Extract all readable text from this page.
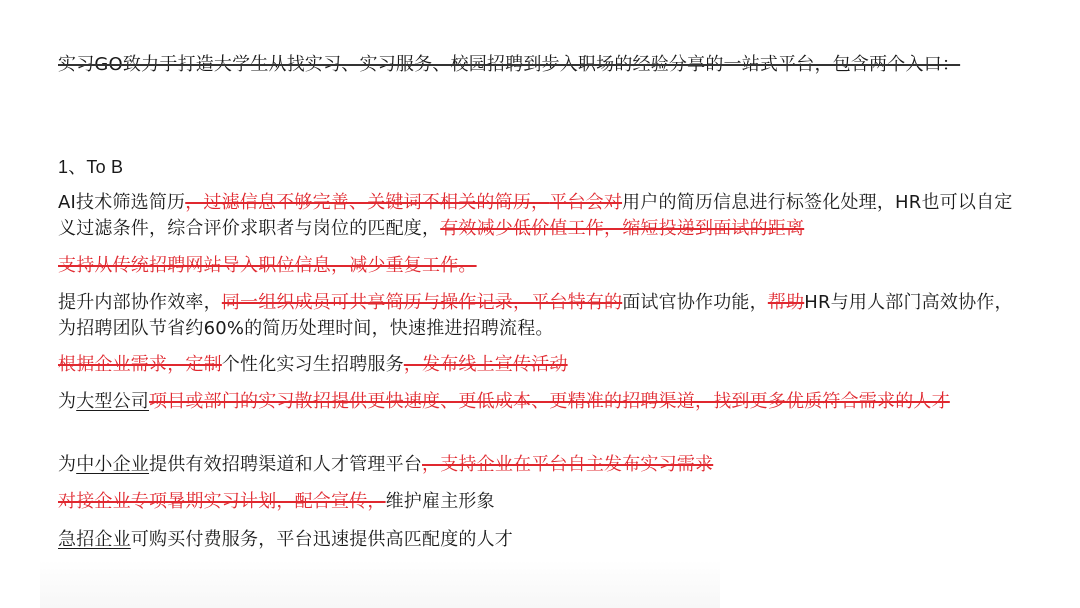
实习GO致力于打造大学生从找实习、实习服务、校园招聘到步入职场的经验分享的一站式平台，包含两个入口：
1、To B
AI技术筛选简历，过滤信息不够完善、关键词不相关的简历，平台会对用户的简历信息进行标签化处理，HR也可以自定义过滤条件，综合评价求职者与岗位的匹配度，有效减少低价值工作，缩短投递到面试的距离
支持从传统招聘网站导入职位信息，减少重复工作。
提升内部协作效率，同一组织成员可共享简历与操作记录，平台特有的面试官协作功能，帮助HR与用人部门高效协作，为招聘团队节省约60%的简历处理时间，快速推进招聘流程。
根据企业需求，定制个性化实习生招聘服务，发布线上宣传活动
为大型公司项目或部门的实习散招提供更快速度、更低成本、更精准的招聘渠道，找到更多优质符合需求的人才
为中小企业提供有效招聘渠道和人才管理平台，支持企业在平台自主发布实习需求
对接企业专项暑期实习计划，配合宣传，维护雇主形象
急招企业可购买付费服务，平台迅速提供高匹配度的人才
